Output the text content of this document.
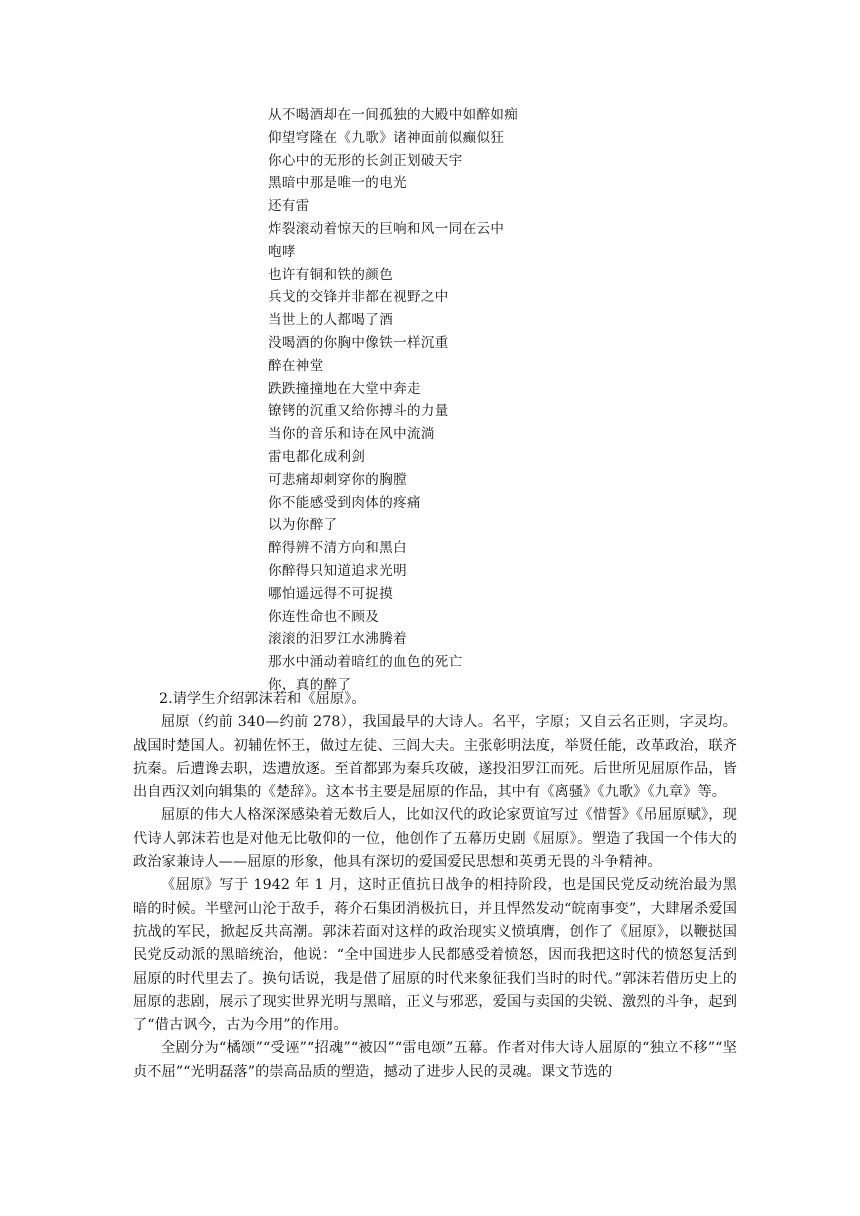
从不喝酒却在一间孤独的大殿中如醉如痴
仰望穹隆在《九歌》诸神面前似癫似狂
你心中的无形的长剑正划破天宇
黑暗中那是唯一的电光
还有雷
炸裂滚动着惊天的巨响和风一同在云中
咆哮
也许有铜和铁的颜色
兵戈的交锋并非都在视野之中
当世上的人都喝了酒
没喝酒的你胸中像铁一样沉重
醉在神堂
跌跌撞撞地在大堂中奔走
镣铐的沉重又给你搏斗的力量
当你的音乐和诗在风中流淌
雷电都化成利剑
可悲痛却刺穿你的胸膛
你不能感受到肉体的疼痛
以为你醉了
醉得辨不清方向和黑白
你醉得只知道追求光明
哪怕遥远得不可捉摸
你连性命也不顾及
滚滚的汨罗江水沸腾着
那水中涌动着暗红的血色的死亡
你，真的醉了
2.请学生介绍郭沫若和《屈原》。
屈原（约前 340—约前 278），我国最早的大诗人。名平，字原；又自云名正则，字灵均。战国时楚国人。初辅佐怀王，做过左徒、三闾大夫。主张彰明法度，举贤任能，改革政治，联齐抗秦。后遭谗去职，迭遭放逐。至首都郢为秦兵攻破，遂投汨罗江而死。后世所见屈原作品，皆出自西汉刘向辑集的《楚辞》。这本书主要是屈原的作品，其中有《离骚》《九歌》《九章》等。
屈原的伟大人格深深感染着无数后人，比如汉代的政论家贾谊写过《惜誓》《吊屈原赋》，现代诗人郭沫若也是对他无比敬仰的一位，他创作了五幕历史剧《屈原》。塑造了我国一个伟大的政治家兼诗人——屈原的形象，他具有深切的爱国爱民思想和英勇无畏的斗争精神。
《屈原》写于 1942 年 1 月，这时正值抗日战争的相持阶段，也是国民党反动统治最为黑暗的时候。半壁河山沦于敌手，蒋介石集团消极抗日，并且悍然发动“皖南事变”，大肆屠杀爱国抗战的军民，掀起反共高潮。郭沫若面对这样的政治现实义愤填膺，创作了《屈原》，以鞭挞国民党反动派的黑暗统治，他说：“全中国进步人民都感受着愤怒，因而我把这时代的愤怒复活到屈原的时代里去了。换句话说，我是借了屈原的时代来象征我们当时的时代。”郭沫若借历史上的屈原的悲剧，展示了现实世界光明与黑暗，正义与邪恶，爱国与卖国的尖锐、激烈的斗争，起到了“借古讽今，古为今用”的作用。
全剧分为“橘颂”“受诬”“招魂”“被囚”“雷电颂”五幕。作者对伟大诗人屈原的“独立不移”“坚贞不屈”“光明磊落”的崇高品质的塑造，撼动了进步人民的灵魂。课文节选的
